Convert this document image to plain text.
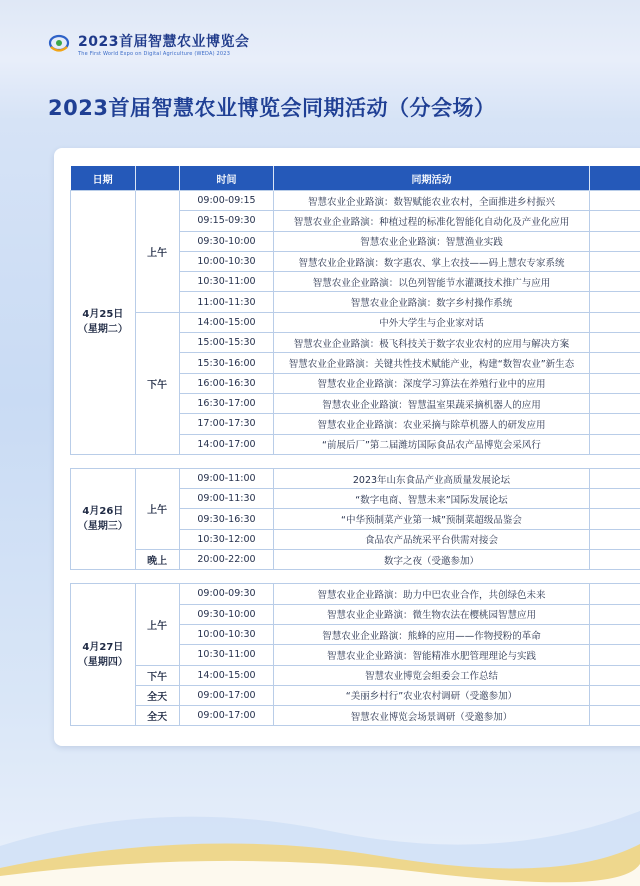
2023首届智慧农业博览会
The First World Expo on Digital Agriculture (WEDA) 2023
2023首届智慧农业博览会同期活动（分会场）
日期		时间	同期活动	

4月25日
（星期二）	上午	09:00-09:15	智慧农业企业路演：数智赋能农业农村，全面推进乡村振兴	
		09:15-09:30	智慧农业企业路演：种植过程的标准化智能化自动化及产业化应用	
		09:30-10:00	智慧农业企业路演：智慧渔业实践	
		10:00-10:30	智慧农业企业路演：数字惠农、掌上农技——码上慧农专家系统	
		10:30-11:00	智慧农业企业路演：以色列智能节水灌溉技术推广与应用	
		11:00-11:30	智慧农业企业路演：数字乡村操作系统	
	下午	14:00-15:00	中外大学生与企业家对话	
		15:00-15:30	智慧农业企业路演：极飞科技关于数字农业农村的应用与解决方案	
		15:30-16:00	智慧农业企业路演：关键共性技术赋能产业，构建“数智农业”新生态	
		16:00-16:30	智慧农业企业路演：深度学习算法在养殖行业中的应用	
		16:30-17:00	智慧农业企业路演：智慧温室果蔬采摘机器人的应用	
		17:00-17:30	智慧农业企业路演：农业采摘与除草机器人的研发应用	
		14:00-17:00	“前展后厂”第二届潍坊国际食品农产品博览会采风行	

4月26日
（星期三）	上午	09:00-11:00	2023年山东食品产业高质量发展论坛	
		09:00-11:30	“数字电商、智慧未来”国际发展论坛	
		09:30-16:30	“中华预制菜产业第一城”预制菜超级品鉴会	
		10:30-12:00	食品农产品统采平台供需对接会	
	晚上	20:00-22:00	数字之夜（受邀参加）	

4月27日
（星期四）	上午	09:00-09:30	智慧农业企业路演：助力中巴农业合作，共创绿色未来	
		09:30-10:00	智慧农业企业路演：微生物农法在樱桃园智慧应用	
		10:00-10:30	智慧农业企业路演：熊蜂的应用——作物授粉的革命	
		10:30-11:00	智慧农业企业路演：智能精准水肥管理理论与实践	
	下午	14:00-15:00	智慧农业博览会组委会工作总结	
	全天	09:00-17:00	“美丽乡村行”农业农村调研（受邀参加）	
	全天	09:00-17:00	智慧农业博览会场景调研（受邀参加）	
